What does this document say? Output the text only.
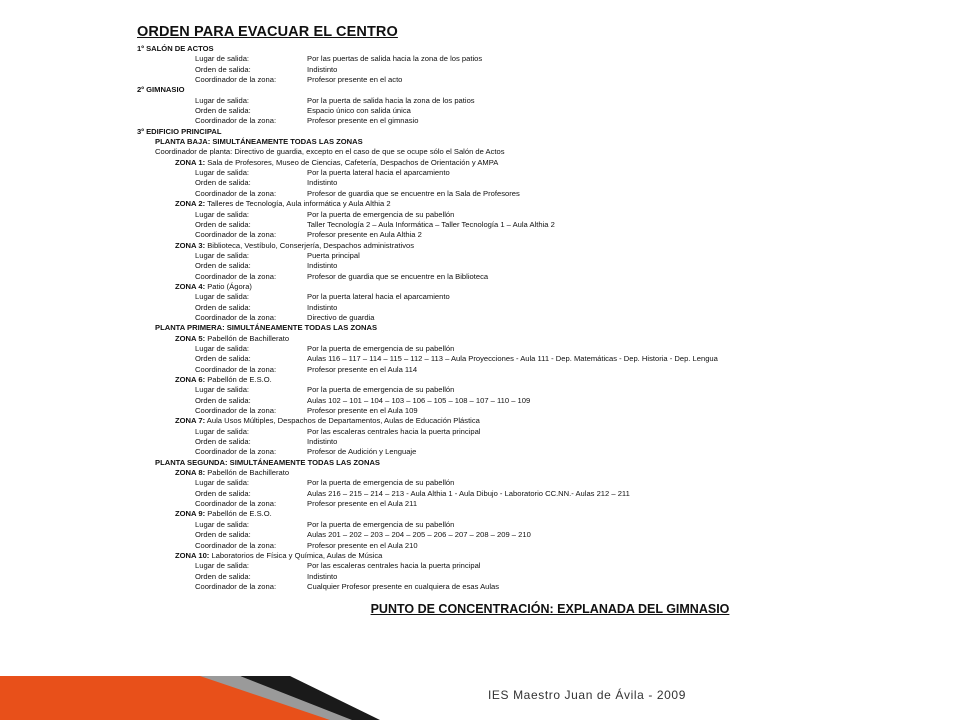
ORDEN PARA EVACUAR EL CENTRO
1º SALÓN DE ACTOS
Lugar de salida:	Por las puertas de salida hacia la zona de los patios
Orden de salida:	Indistinto
Coordinador de la zona:	Profesor presente en el acto
2º GIMNASIO
Lugar de salida:	Por la puerta de salida hacia la zona de los patios
Orden de salida:	Espacio único con salida única
Coordinador de la zona:	Profesor presente en el gimnasio
3º EDIFICIO PRINCIPAL
PLANTA BAJA: SIMULTÁNEAMENTE TODAS LAS ZONAS
Coordinador de planta: Directivo de guardia, excepto en el caso de que se ocupe sólo el Salón de Actos
ZONA 1: Sala de Profesores, Museo de Ciencias, Cafetería, Despachos de Orientación y AMPA
Lugar de salida:	Por la puerta lateral hacia el aparcamiento
Orden de salida:	Indistinto
Coordinador de la zona:	Profesor de guardia que se encuentre en la Sala de Profesores
ZONA 2: Talleres de Tecnología, Aula informática y Aula Althia 2
Lugar de salida:	Por la puerta de emergencia de su pabellón
Orden de salida:	Taller Tecnología 2 – Aula Informática – Taller Tecnología 1 – Aula Althia 2
Coordinador de la zona:	Profesor presente en Aula Althia 2
ZONA 3: Biblioteca, Vestíbulo, Conserjería, Despachos administrativos
Lugar de salida:	Puerta principal
Orden de salida:	Indistinto
Coordinador de la zona:	Profesor de guardia que se encuentre en la Biblioteca
ZONA 4: Patio (Ágora)
Lugar de salida:	Por la puerta lateral hacia el aparcamiento
Orden de salida:	Indistinto
Coordinador de la zona:	Directivo de guardia
PLANTA PRIMERA: SIMULTÁNEAMENTE TODAS LAS ZONAS
ZONA 5: Pabellón de Bachillerato
Lugar de salida:	Por la puerta de emergencia de su pabellón
Orden de salida:	Aulas 116 – 117 – 114 – 115 – 112 – 113 – Aula Proyecciones - Aula 111 - Dep. Matemáticas - Dep. Historia - Dep. Lengua
Coordinador de la zona:	Profesor presente en el Aula 114
ZONA 6: Pabellón de E.S.O.
Lugar de salida:	Por la puerta de emergencia de su pabellón
Orden de salida:	Aulas 102 – 101 – 104 – 103 – 106 – 105 – 108 – 107 – 110 – 109
Coordinador de la zona:	Profesor presente en el Aula 109
ZONA 7: Aula Usos Múltiples, Despachos de Departamentos, Aulas de Educación Plástica
Lugar de salida:	Por las escaleras centrales hacia la puerta principal
Orden de salida:	Indistinto
Coordinador de la zona:	Profesor de Audición y Lenguaje
PLANTA SEGUNDA: SIMULTÁNEAMENTE TODAS LAS ZONAS
ZONA 8: Pabellón de Bachillerato
Lugar de salida:	Por la puerta de emergencia de su pabellón
Orden de salida:	Aulas 216 – 215 – 214 – 213 - Aula Althia 1 - Aula Dibujo - Laboratorio CC.NN.- Aulas 212 – 211
Coordinador de la zona:	Profesor presente en el Aula 211
ZONA 9: Pabellón de E.S.O.
Lugar de salida:	Por la puerta de emergencia de su pabellón
Orden de salida:	Aulas 201 – 202 – 203 – 204 – 205 – 206 – 207 – 208 – 209 – 210
Coordinador de la zona:	Profesor presente en el Aula 210
ZONA 10: Laboratorios de Física y Química, Aulas de Música
Lugar de salida:	Por las escaleras centrales hacia la puerta principal
Orden de salida:	Indistinto
Coordinador de la zona:	Cualquier Profesor presente en cualquiera de esas Aulas
PUNTO DE CONCENTRACIÓN: EXPLANADA DEL GIMNASIO
IES Maestro Juan de Ávila - 2009
